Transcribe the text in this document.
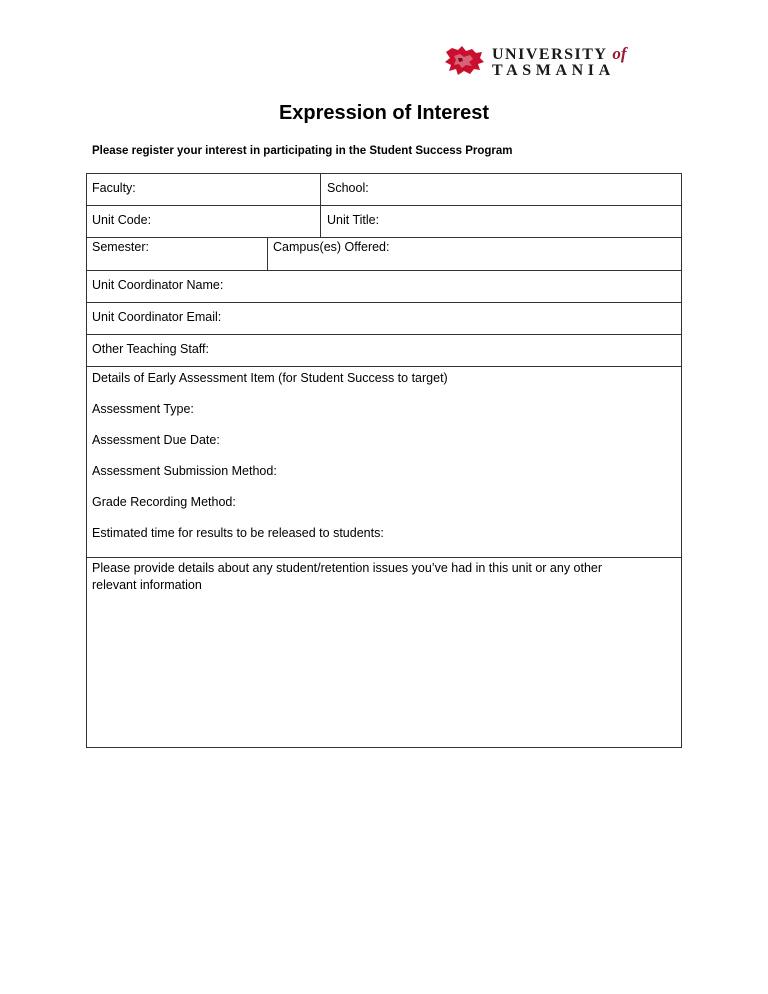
UNIVERSITY of
TASMANIA
Expression of Interest
Please register your interest in participating in the Student Success Program
Faculty:	School:
Unit Code:	Unit Title:
Semester:	Campus(es) Offered:
Unit Coordinator Name:
Unit Coordinator Email:
Other Teaching Staff:
Details of Early Assessment Item (for Student Success to target)
Assessment Type:
Assessment Due Date:
Assessment Submission Method:
Grade Recording Method:
Estimated time for results to be released to students:
Please provide details about any student/retention issues you’ve had in this unit or any other
relevant information
